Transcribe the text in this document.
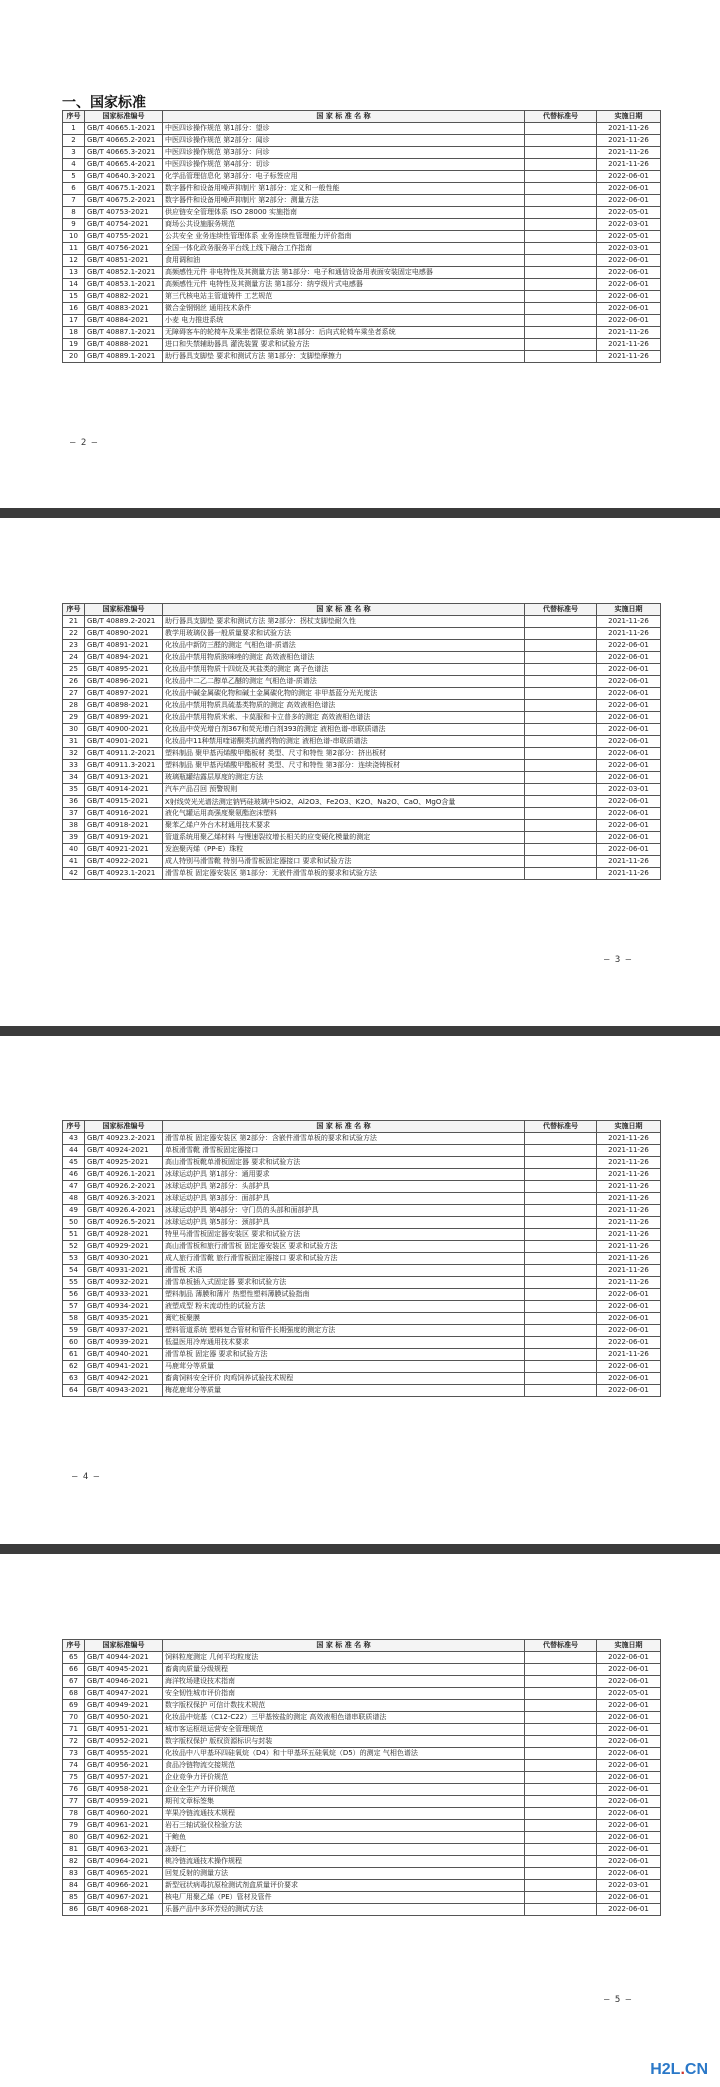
一、国家标准
序号	国家标准编号	国 家 标 准 名 称	代替标准号	实施日期
1	GB/T 40665.1-2021	中医四诊操作规范 第1部分：望诊		2021-11-26
2	GB/T 40665.2-2021	中医四诊操作规范 第2部分：闻诊		2021-11-26
3	GB/T 40665.3-2021	中医四诊操作规范 第3部分：问诊		2021-11-26
4	GB/T 40665.4-2021	中医四诊操作规范 第4部分：切诊		2021-11-26
5	GB/T 40640.3-2021	化学品管理信息化 第3部分：电子标签应用		2022-06-01
6	GB/T 40675.1-2021	数字器件和设备用噪声抑制片 第1部分：定义和一般性能		2022-06-01
7	GB/T 40675.2-2021	数字器件和设备用噪声抑制片 第2部分：测量方法		2022-06-01
8	GB/T 40753-2021	供应链安全管理体系 ISO 28000 实施指南		2022-05-01
9	GB/T 40754-2021	商场公共设施服务规范		2022-03-01
10	GB/T 40755-2021	公共安全 业务连续性管理体系 业务连续性管理能力评价指南		2022-05-01
11	GB/T 40756-2021	全国一体化政务服务平台线上线下融合工作指南		2022-03-01
12	GB/T 40851-2021	食用调和油		2022-06-01
13	GB/T 40852.1-2021	高频感性元件 非电特性及其测量方法 第1部分：电子和通信设备用表面安装固定电感器		2022-06-01
14	GB/T 40853.1-2021	高频感性元件 电特性及其测量方法 第1部分：纳亨级片式电感器		2022-06-01
15	GB/T 40882-2021	第三代核电站主管道铸件 工艺规范		2022-06-01
16	GB/T 40883-2021	微合金钢钢丝 通用技术条件		2022-06-01
17	GB/T 40884-2021	小麦 电力推进系统		2022-06-01
18	GB/T 40887.1-2021	无障碍客车的轮椅车及乘坐者限位系统 第1部分：后向式轮椅车乘坐者系统		2021-11-26
19	GB/T 40888-2021	进口和失禁辅助器具 灌洗装置 要求和试验方法		2021-11-26
20	GB/T 40889.1-2021	助行器具支脚垫 要求和测试方法 第1部分：支脚垫摩擦力		2021-11-26
— 2 —
序号	国家标准编号	国 家 标 准 名 称	代替标准号	实施日期
21	GB/T 40889.2-2021	助行器具支脚垫 要求和测试方法 第2部分：拐杖支脚垫耐久性		2021-11-26
22	GB/T 40890-2021	教学用玻璃仪器一般质量要求和试验方法		2021-11-26
23	GB/T 40891-2021	化妆品中新防三醛的测定 气相色谱-质谱法		2022-06-01
24	GB/T 40894-2021	化妆品中禁用物质胺咪唑的测定 高效液相色谱法		2022-06-01
25	GB/T 40895-2021	化妆品中禁用物质十四烷及其盐类的测定 离子色谱法		2022-06-01
26	GB/T 40896-2021	化妆品中二乙二醇单乙醚的测定 气相色谱-质谱法		2022-06-01
27	GB/T 40897-2021	化妆品中碱金属碳化物和碱土金属碳化物的测定 非甲基蓝分光光度法		2022-06-01
28	GB/T 40898-2021	化妆品中禁用物质具硫基类物质的测定 高效液相色谱法		2022-06-01
29	GB/T 40899-2021	化妆品中禁用物质米索、卡莫服和卡立普多的测定 高效液相色谱法		2022-06-01
30	GB/T 40900-2021	化妆品中荧光增白剂367和荧光增白剂393的测定 液相色谱-串联质谱法		2022-06-01
31	GB/T 40901-2021	化妆品中11种禁用喹诺酮类抗菌药物的测定 液相色谱-串联质谱法		2022-06-01
32	GB/T 40911.2-2021	塑料制品 聚甲基丙烯酸甲酯板材 类型、尺寸和特性 第2部分：挤出板材		2022-06-01
33	GB/T 40911.3-2021	塑料制品 聚甲基丙烯酸甲酯板材 类型、尺寸和特性 第3部分：连续浇铸板材		2022-06-01
34	GB/T 40913-2021	玻璃瓶罐结露层厚度的测定方法		2022-06-01
35	GB/T 40914-2021	汽车产品召回 预警规则		2022-03-01
36	GB/T 40915-2021	X射线荧光光谱法测定钠钙硅玻璃中SiO2、Al2O3、Fe2O3、K2O、Na2O、CaO、MgO含量		2022-06-01
37	GB/T 40916-2021	液化气罐运用高强度聚氨酯泡沫塑料		2022-06-01
38	GB/T 40918-2021	聚苯乙烯户外台木材通用技术要求		2022-06-01
39	GB/T 40919-2021	管道系统用聚乙烯材料 与慢速裂纹增长相关的应变硬化模量的测定		2022-06-01
40	GB/T 40921-2021	发泡聚丙烯（PP-E）珠粒		2022-06-01
41	GB/T 40922-2021	成人特别马滑雪靴 特别马滑雪板固定器接口 要求和试验方法		2021-11-26
42	GB/T 40923.1-2021	滑雪单板 固定器安装区 第1部分：无嵌件滑雪单板的要求和试验方法		2021-11-26
— 3 —
序号	国家标准编号	国 家 标 准 名 称	代替标准号	实施日期
43	GB/T 40923.2-2021	滑雪单板 固定器安装区 第2部分：含嵌件滑雪单板的要求和试验方法		2021-11-26
44	GB/T 40924-2021	单板滑雪靴 滑雪板固定器接口		2021-11-26
45	GB/T 40925-2021	高山滑雪板靴单滑板固定器 要求和试验方法		2021-11-26
46	GB/T 40926.1-2021	冰球运动护具 第1部分：通用要求		2021-11-26
47	GB/T 40926.2-2021	冰球运动护具 第2部分：头部护具		2021-11-26
48	GB/T 40926.3-2021	冰球运动护具 第3部分：面部护具		2021-11-26
49	GB/T 40926.4-2021	冰球运动护具 第4部分：守门员的头部和面部护具		2021-11-26
50	GB/T 40926.5-2021	冰球运动护具 第5部分：颈部护具		2021-11-26
51	GB/T 40928-2021	特里马滑雪板固定器安装区 要求和试验方法		2021-11-26
52	GB/T 40929-2021	高山滑雪板和旅行滑雪板 固定器安装区 要求和试验方法		2021-11-26
53	GB/T 40930-2021	成人旅行滑雪靴 旅行滑雪板固定器接口 要求和试验方法		2021-11-26
54	GB/T 40931-2021	滑雪板 术语		2021-11-26
55	GB/T 40932-2021	滑雪单板插入式固定器 要求和试验方法		2021-11-26
56	GB/T 40933-2021	塑料制品 薄膜和薄片 热塑性塑料薄膜试验指南		2022-06-01
57	GB/T 40934-2021	液塑成型 粉末流动性的试验方法		2022-06-01
58	GB/T 40935-2021	膏贮板聚膜		2022-06-01
59	GB/T 40937-2021	塑料管道系统 塑料复合管材和管件长期强度的测定方法		2022-06-01
60	GB/T 40939-2021	低温医用冷库通用技术要求		2022-06-01
61	GB/T 40940-2021	滑雪单板 固定器 要求和试验方法		2021-11-26
62	GB/T 40941-2021	马鹿茸分等质量		2022-06-01
63	GB/T 40942-2021	畜禽饲料安全评价 肉鸡饲养试验技术规程		2022-06-01
64	GB/T 40943-2021	梅花鹿茸分等质量		2022-06-01
— 4 —
序号	国家标准编号	国 家 标 准 名 称	代替标准号	实施日期
65	GB/T 40944-2021	饲料粒度测定 几何平均粒度法		2022-06-01
66	GB/T 40945-2021	畜禽肉质量分级规程		2022-06-01
67	GB/T 40946-2021	海洋牧场建设技术指南		2022-06-01
68	GB/T 40947-2021	安全韧性城市评价指南		2022-05-01
69	GB/T 40949-2021	数字版权保护 可信计数技术规范		2022-06-01
70	GB/T 40950-2021	化妆品中烷基（C12-C22）三甲基铵盐的测定 高效液相色谱串联质谱法		2022-06-01
71	GB/T 40951-2021	城市客运枢纽运营安全管理规范		2022-06-01
72	GB/T 40952-2021	数字版权保护 版权资源标识与封装		2022-06-01
73	GB/T 40955-2021	化妆品中八甲基环四硅氧烷（D4）和十甲基环五硅氧烷（D5）的测定 气相色谱法		2022-06-01
74	GB/T 40956-2021	食品冷链物流交接规范		2022-06-01
75	GB/T 40957-2021	企业竞争力评价规范		2022-06-01
76	GB/T 40958-2021	企业全生产力评价规范		2022-06-01
77	GB/T 40959-2021	期刊文章标签集		2022-06-01
78	GB/T 40960-2021	苹果冷链流通技术规程		2022-06-01
79	GB/T 40961-2021	岩石三轴试验仪检验方法		2022-06-01
80	GB/T 40962-2021	干鲍鱼		2022-06-01
81	GB/T 40963-2021	冻虾仁		2022-06-01
82	GB/T 40964-2021	桃冷链流通技术操作规程		2022-06-01
83	GB/T 40965-2021	回复反射的测量方法		2022-06-01
84	GB/T 40966-2021	新型冠状病毒抗原检测试剂盒质量评价要求		2022-03-01
85	GB/T 40967-2021	核电厂用聚乙烯（PE）管材及管件		2022-06-01
86	GB/T 40968-2021	乐器产品中多环芳烃的测试方法		2022-06-01
— 5 —
H2L.CN
